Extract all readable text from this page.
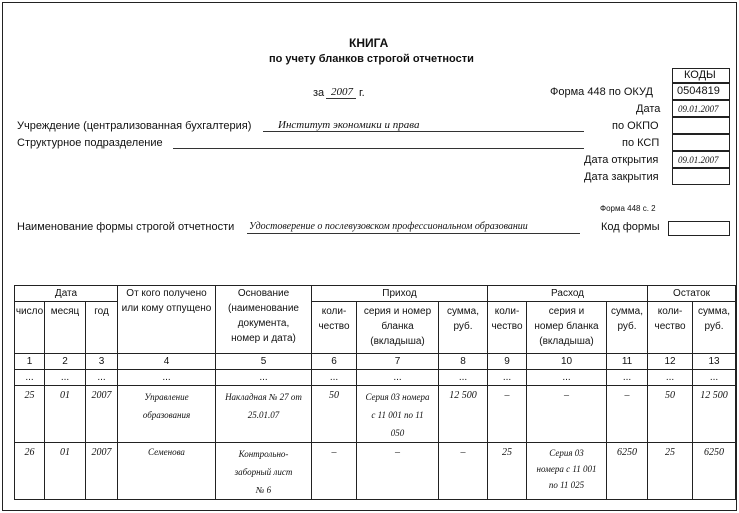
КНИГА
по учету бланков строгой отчетности
за 2007 г.
КОДЫ
0504819
09.01.2007
09.01.2007
Форма 448 по ОКУД
Дата
по ОКПО
по КСП
Дата открытия
Дата закрытия
Учреждение (централизованная бухгалтерия) Институт экономики и права
Структурное подразделение
Форма 448 с. 2
Наименование формы строгой отчетности Удостоверение о послевузовском профессиональном образовании	Код формы
Дата			От кого получено или кому отпущено	Основание (наименование документа, номер и дата)	Приход			Расход			Остаток	
число	месяц	год			коли-чество	серия и номер бланка (вкладыша)	сумма, руб.	коли-чество	серия и номер бланка (вкладыша)	сумма, руб.	коли-чество	сумма, руб.
1	2	3	4	5	6	7	8	9	10	11	12	13
...	...	...	...	...	...	...	...	...	...	...	...	...
25	01	2007	Управление образования	Накладная № 27 от 25.01.07	50	Серия 03 номера с 11 001 по 11 050	12 500	–	–	–	50	12 500
26	01	2007	Семенова	Контрольно-заборный лист № 6	–	–	–	25	Серия 03 номера с 11 001 по 11 025	6250	25	6250
